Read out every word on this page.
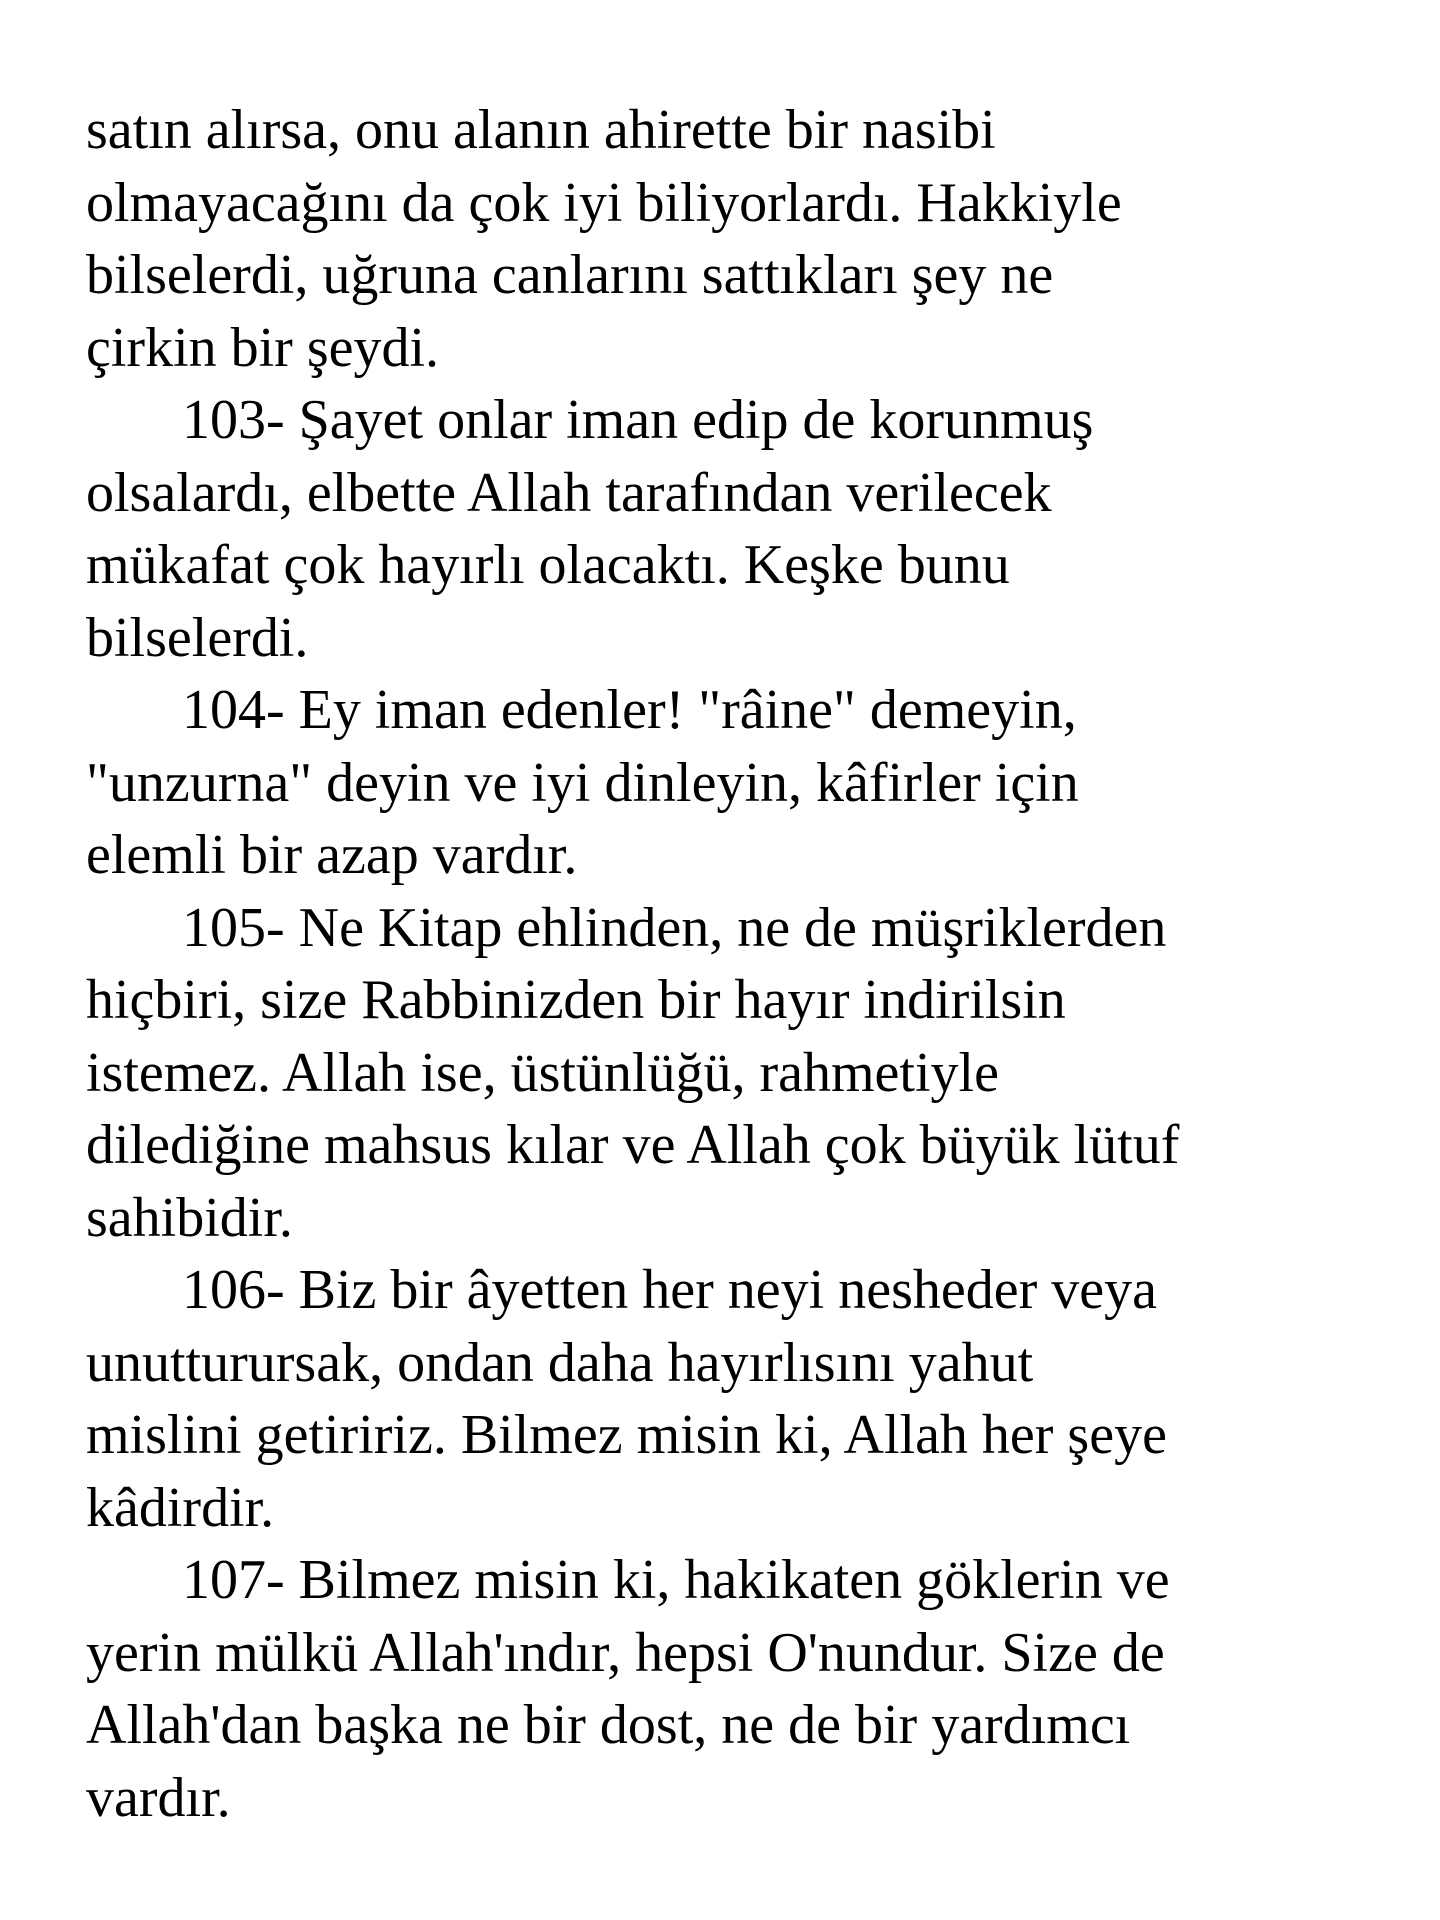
satın alırsa, onu alanın ahirette bir nasibi
olmayacağını da çok iyi biliyorlardı. Hakkiyle
bilselerdi, uğruna canlarını sattıkları şey ne
çirkin bir şeydi.
103- Şayet onlar iman edip de korunmuş
olsalardı, elbette Allah tarafından verilecek
mükafat çok hayırlı olacaktı. Keşke bunu
bilselerdi.
104- Ey iman edenler! "râine" demeyin,
"unzurna" deyin ve iyi dinleyin, kâfirler için
elemli bir azap vardır.
105- Ne Kitap ehlinden, ne de müşriklerden
hiçbiri, size Rabbinizden bir hayır indirilsin
istemez. Allah ise, üstünlüğü, rahmetiyle
dilediğine mahsus kılar ve Allah çok büyük lütuf
sahibidir.
106- Biz bir âyetten her neyi nesheder veya
unutturursak, ondan daha hayırlısını yahut
mislini getiririz. Bilmez misin ki, Allah her şeye
kâdirdir.
107- Bilmez misin ki, hakikaten göklerin ve
yerin mülkü Allah'ındır, hepsi O'nundur. Size de
Allah'dan başka ne bir dost, ne de bir yardımcı
vardır.
